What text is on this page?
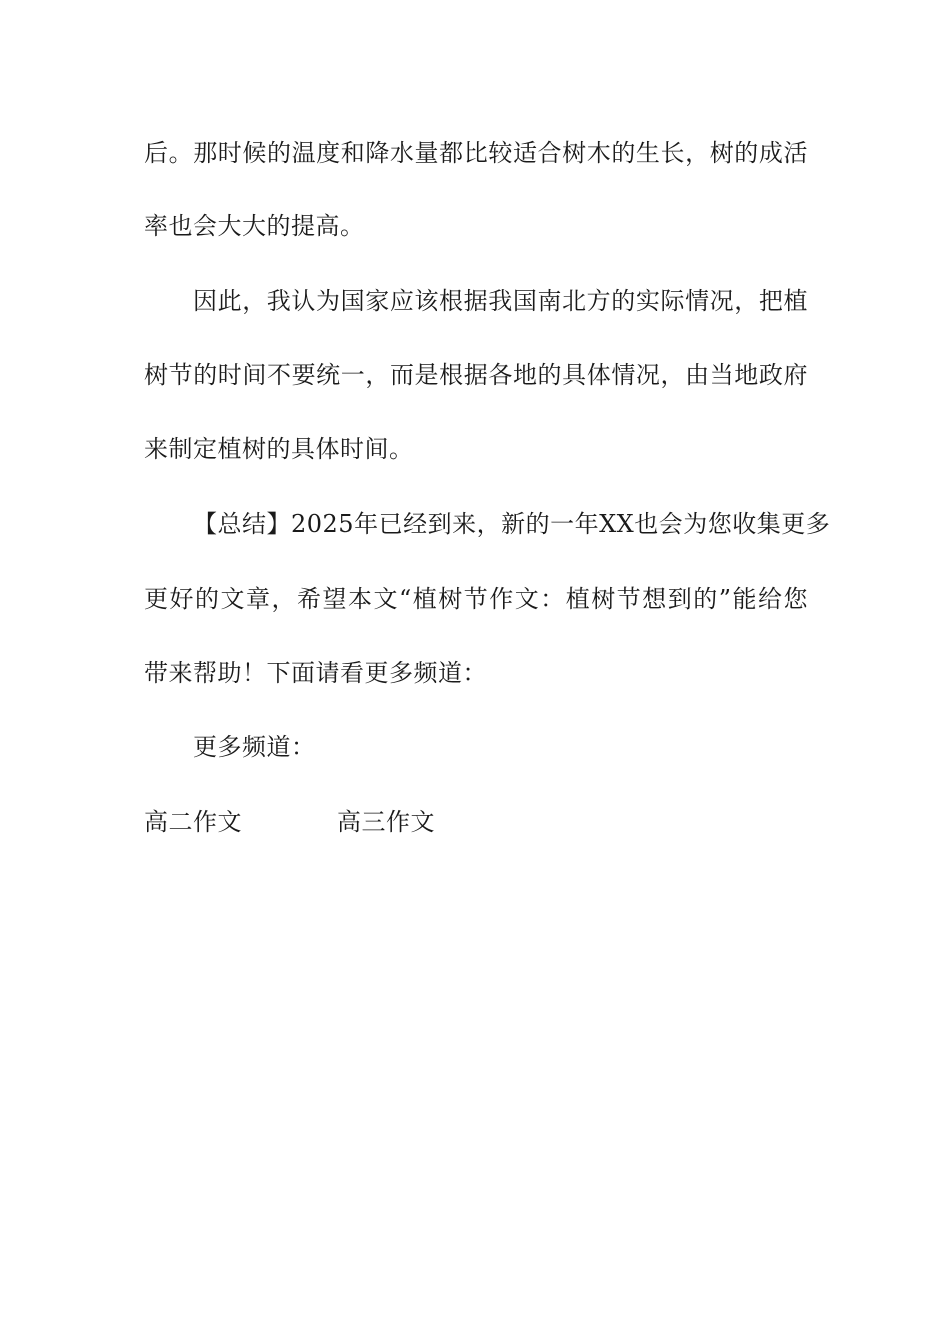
后。那时候的温度和降水量都比较适合树木的生长，树的成活
率也会大大的提高。
因此，我认为国家应该根据我国南北方的实际情况，把植
树节的时间不要统一，而是根据各地的具体情况，由当地政府
来制定植树的具体时间。
【总结】2025年已经到来，新的一年XX也会为您收集更多
更好的文章，希望本文“植树节作文：植树节想到的”能给您
带来帮助！下面请看更多频道：
更多频道：
高二作文	高三作文
